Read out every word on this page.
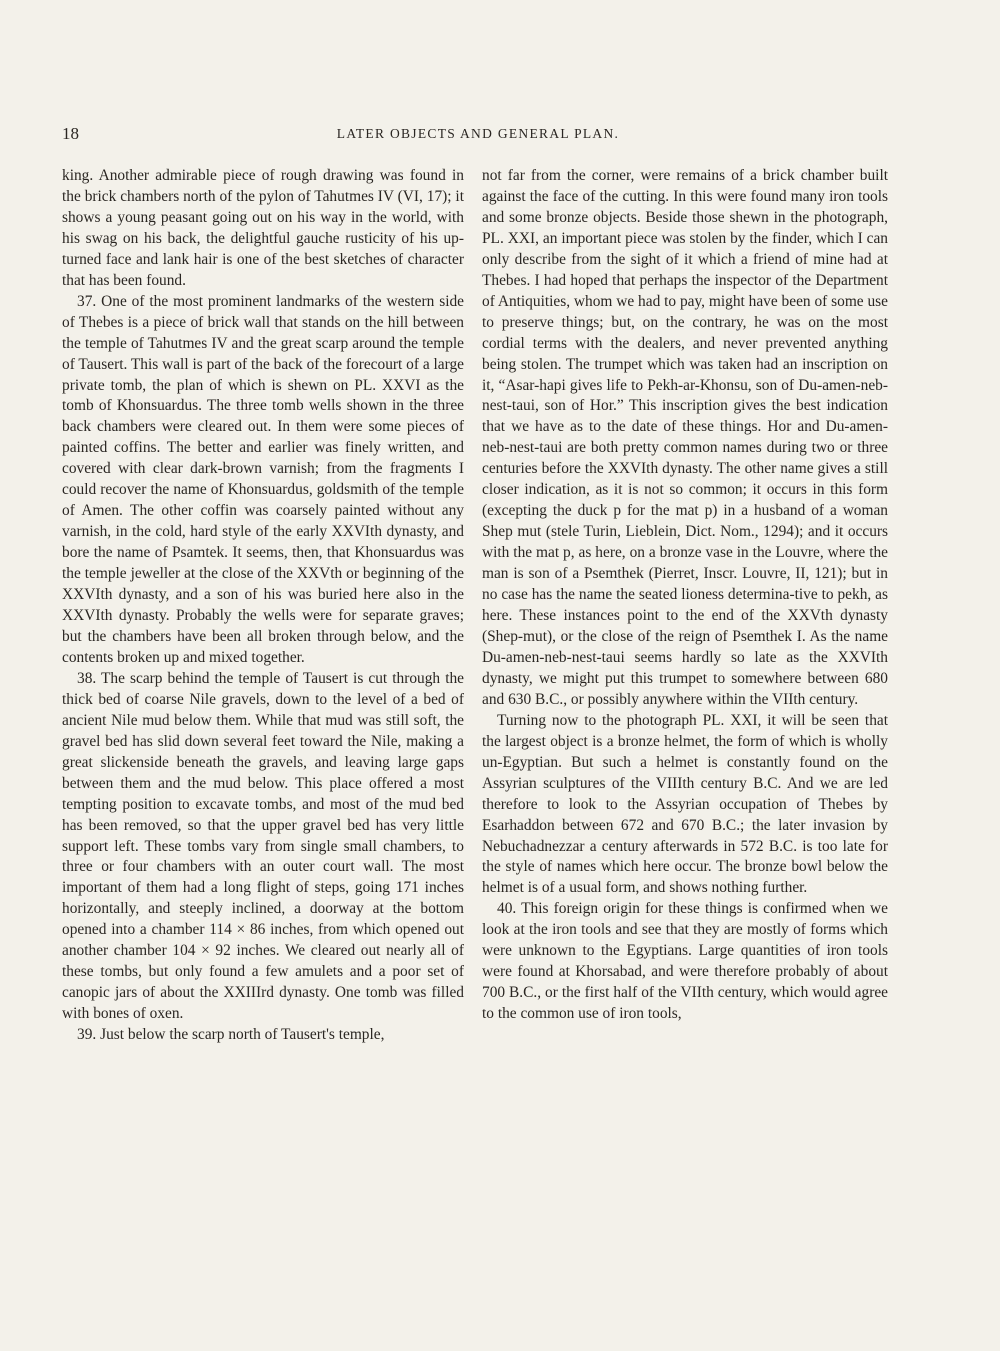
18	LATER OBJECTS AND GENERAL PLAN.

king. Another admirable piece of rough drawing was found in the brick chambers north of the pylon of Tahutmes IV (VI, 17); it shows a young peasant going out on his way in the world, with his swag on his back, the delightful gauche rusticity of his up-turned face and lank hair is one of the best sketches of character that has been found.

37. One of the most prominent landmarks of the western side of Thebes is a piece of brick wall that stands on the hill between the temple of Tahutmes IV and the great scarp around the temple of Tausert. This wall is part of the back of the forecourt of a large private tomb, the plan of which is shewn on PL. XXVI as the tomb of Khonsuardus. The three tomb wells shown in the three back chambers were cleared out. In them were some pieces of painted coffins. The better and earlier was finely written, and covered with clear dark-brown varnish; from the fragments I could recover the name of Khonsuardus, goldsmith of the temple of Amen. The other coffin was coarsely painted without any varnish, in the cold, hard style of the early XXVIth dynasty, and bore the name of Psamtek. It seems, then, that Khonsuardus was the temple jeweller at the close of the XXVth or beginning of the XXVIth dynasty, and a son of his was buried here also in the XXVIth dynasty. Probably the wells were for separate graves; but the chambers have been all broken through below, and the contents broken up and mixed together.

38. The scarp behind the temple of Tausert is cut through the thick bed of coarse Nile gravels, down to the level of a bed of ancient Nile mud below them. While that mud was still soft, the gravel bed has slid down several feet toward the Nile, making a great slickenside beneath the gravels, and leaving large gaps between them and the mud below. This place offered a most tempting position to excavate tombs, and most of the mud bed has been removed, so that the upper gravel bed has very little support left. These tombs vary from single small chambers, to three or four chambers with an outer court wall. The most important of them had a long flight of steps, going 171 inches horizontally, and steeply inclined, a doorway at the bottom opened into a chamber 114 × 86 inches, from which opened out another chamber 104 × 92 inches. We cleared out nearly all of these tombs, but only found a few amulets and a poor set of canopic jars of about the XXIIIrd dynasty. One tomb was filled with bones of oxen.

39. Just below the scarp north of Tausert's temple,

not far from the corner, were remains of a brick chamber built against the face of the cutting. In this were found many iron tools and some bronze objects. Beside those shewn in the photograph, PL. XXI, an important piece was stolen by the finder, which I can only describe from the sight of it which a friend of mine had at Thebes. I had hoped that perhaps the inspector of the Department of Antiquities, whom we had to pay, might have been of some use to preserve things; but, on the contrary, he was on the most cordial terms with the dealers, and never prevented anything being stolen. The trumpet which was taken had an inscription on it, “Asar-hapi gives life to Pekh-ar-Khonsu, son of Du-amen-neb-nest-taui, son of Hor.” This inscription gives the best indication that we have as to the date of these things. Hor and Du-amen-neb-nest-taui are both pretty common names during two or three centuries before the XXVIth dynasty. The other name gives a still closer indication, as it is not so common; it occurs in this form (excepting the duck p for the mat p) in a husband of a woman Shep mut (stele Turin, Lieblein, Dict. Nom., 1294); and it occurs with the mat p, as here, on a bronze vase in the Louvre, where the man is son of a Psemthek (Pierret, Inscr. Louvre, II, 121); but in no case has the name the seated lioness determina-tive to pekh, as here. These instances point to the end of the XXVth dynasty (Shep-mut), or the close of the reign of Psemthek I. As the name Du-amen-neb-nest-taui seems hardly so late as the XXVIth dynasty, we might put this trumpet to somewhere between 680 and 630 B.C., or possibly anywhere within the VIIth century.

Turning now to the photograph PL. XXI, it will be seen that the largest object is a bronze helmet, the form of which is wholly un-Egyptian. But such a helmet is constantly found on the Assyrian sculptures of the VIIIth century B.C. And we are led therefore to look to the Assyrian occupation of Thebes by Esarhaddon between 672 and 670 B.C.; the later invasion by Nebuchadnezzar a century afterwards in 572 B.C. is too late for the style of names which here occur. The bronze bowl below the helmet is of a usual form, and shows nothing further.

40. This foreign origin for these things is confirmed when we look at the iron tools and see that they are mostly of forms which were unknown to the Egyptians. Large quantities of iron tools were found at Khorsabad, and were therefore probably of about 700 B.C., or the first half of the VIIth century, which would agree to the common use of iron tools,
